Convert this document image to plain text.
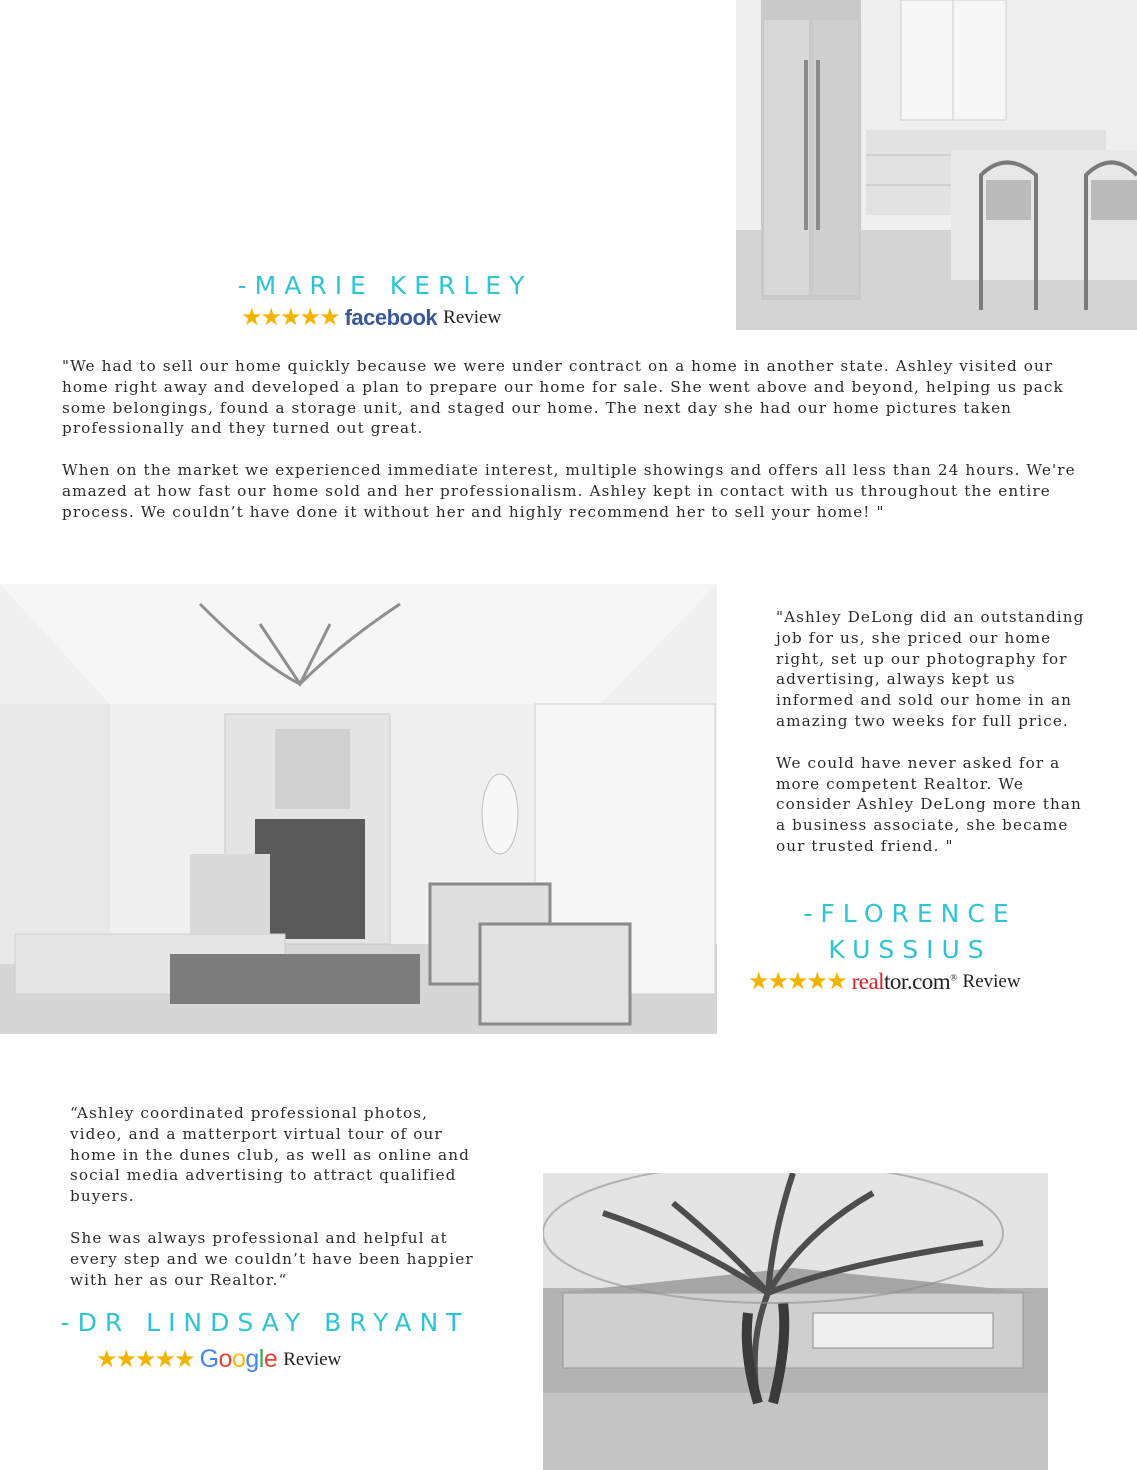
-MARIE KERLEY
★★★★★ facebook Review

"We had to sell our home quickly because we were under contract on a home in another state. Ashley visited our home right away and developed a plan to prepare our home for sale. She went above and beyond, helping us pack some belongings, found a storage unit, and staged our home. The next day she had our home pictures taken professionally and they turned out great.

When on the market we experienced immediate interest, multiple showings and offers all less than 24 hours. We're amazed at how fast our home sold and her professionalism. Ashley kept in contact with us throughout the entire process. We couldn’t have done it without her and highly recommend her to sell your home! "

"Ashley DeLong did an outstanding job for us, she priced our home right, set up our photography for advertising, always kept us informed and sold our home in an amazing two weeks for full price.

We could have never asked for a more competent Realtor. We consider Ashley DeLong more than a business associate, she became our trusted friend. "

-FLORENCE KUSSIUS
★★★★★ realtor.com® Review

“Ashley coordinated professional photos, video, and a matterport virtual tour of our home in the dunes club, as well as online and social media advertising to attract qualified buyers.

She was always professional and helpful at every step and we couldn’t have been happier with her as our Realtor.“

-DR LINDSAY BRYANT
★★★★★ Google Review
